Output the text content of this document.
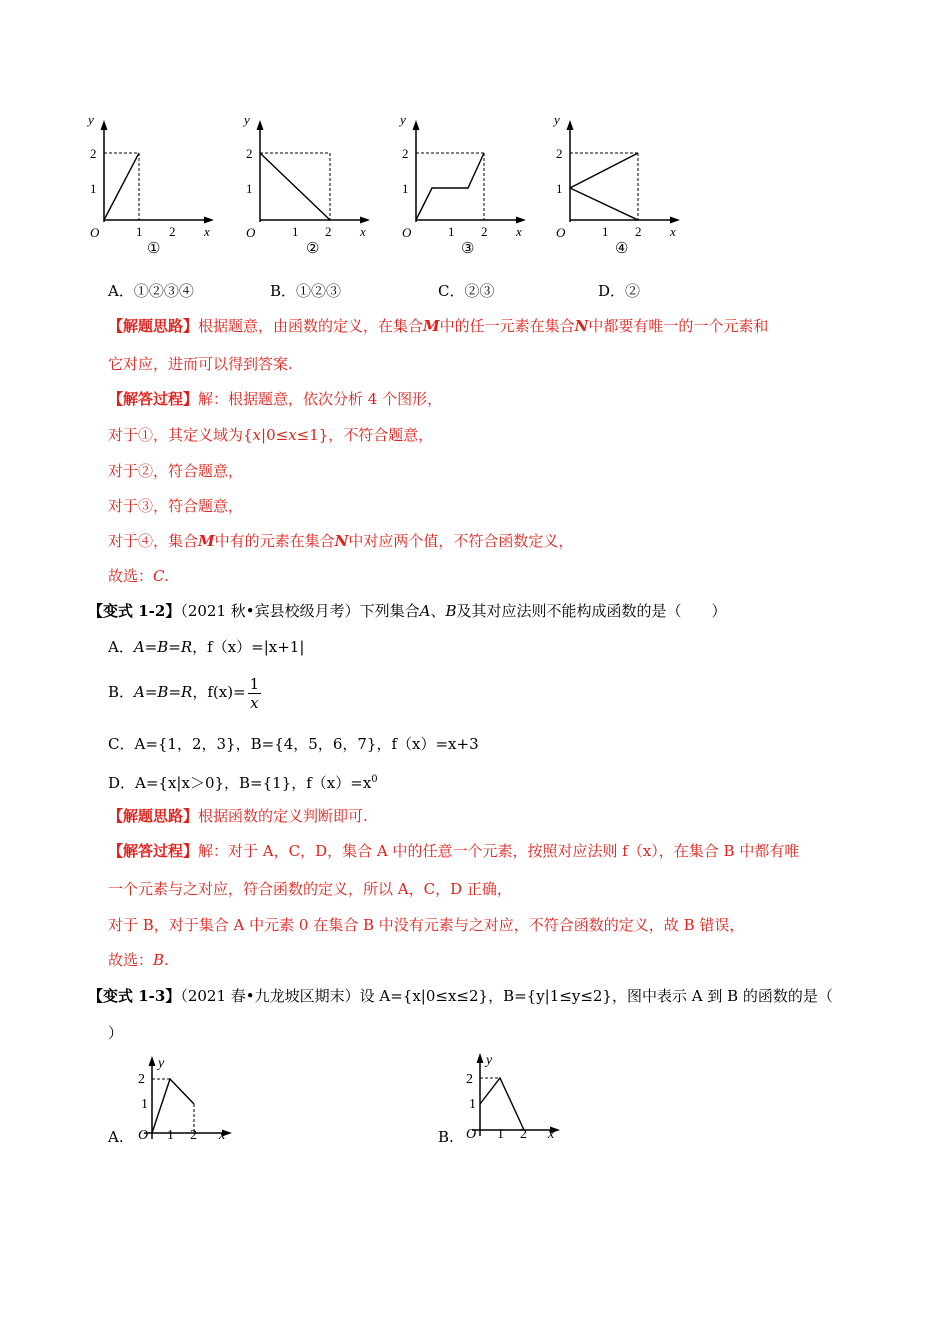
y
2
1
O	1 2 x
①
y
2
1
O	1 2 x
②
y
2
1
O	1 2 x
③
y
2
1
O	1 2 x
④
A．①②③④	B．①②③	C．②③	D．②
【解题思路】根据题意，由函数的定义，在集合M中的任一元素在集合N中都要有唯一的一个元素和
它对应，进而可以得到答案.
【解答过程】解：根据题意，依次分析 4 个图形，
对于①，其定义域为{x|0≤x≤1}，不符合题意，
对于②，符合题意，
对于③，符合题意，
对于④，集合M中有的元素在集合N中对应两个值，不符合函数定义，
故选：C.
【变式 1-2】（2021 秋•宾县校级月考）下列集合A、B及其对应法则不能构成函数的是（　　）
A．A=B=R，f（x）=|x+1|
B．A=B=R，$f(x)= \frac{1}{x}$
C．A={1，2，3}，B={4，5，6，7}，f（x）=x+3
D．A={x|x＞0}，B={1}，$f(x)=x^0$
【解题思路】根据函数的定义判断即可.
【解答过程】解：对于 A，C，D，集合 A 中的任意一个元素，按照对应法则 f（x），在集合 B 中都有唯
一个元素与之对应，符合函数的定义，所以 A，C，D 正确，
对于 B，对于集合 A 中元素 0 在集合 B 中没有元素与之对应，不符合函数的定义，故 B 错误，
故选：B.
【变式 1-3】（2021 春•九龙坡区期末）设 A={x|0≤x≤2}，B={y|1≤y≤2}，图中表示 A 到 B 的函数的是（
）
A.
y
2
1
O 1 2 x	B.
y
2
1
O 1 2 x
